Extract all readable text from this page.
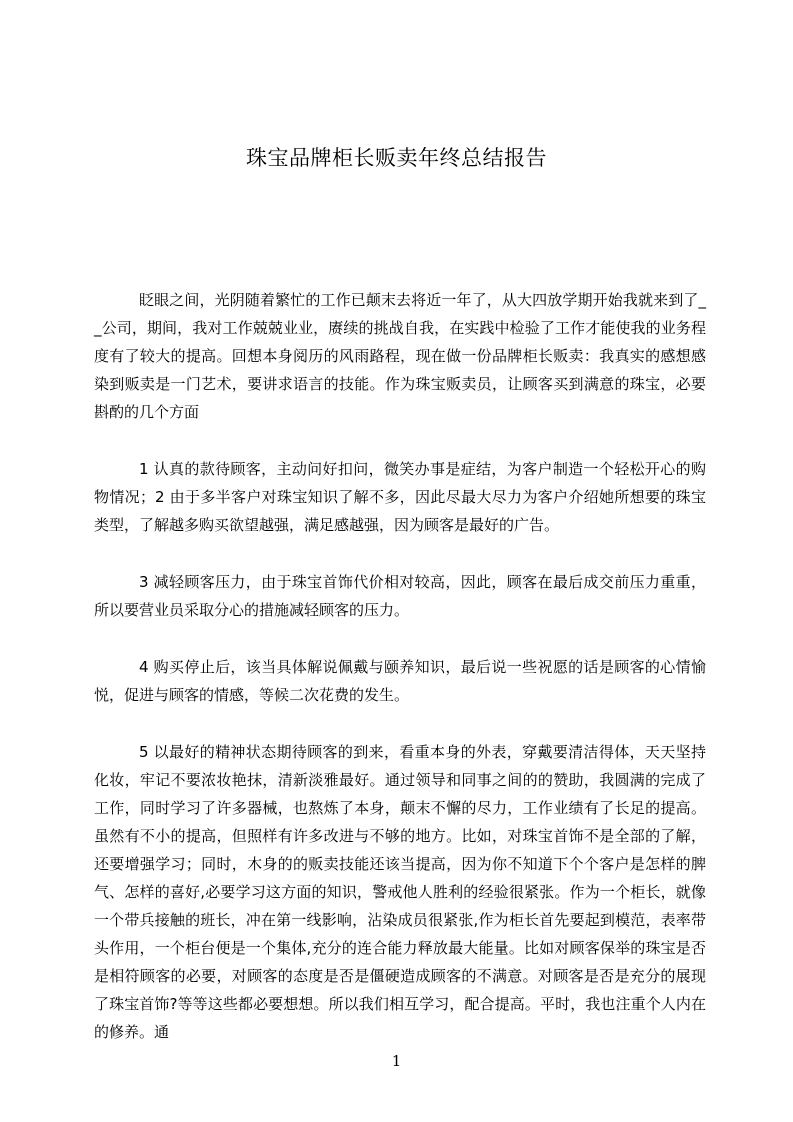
珠宝品牌柜长贩卖年终总结报告

眨眼之间，光阴随着繁忙的工作已颠末去将近一年了，从大四放学期开始我就来到了__公司，期间，我对工作兢兢业业，赓续的挑战自我，在实践中检验了工作才能使我的业务程度有了较大的提高。回想本身阅历的风雨路程，现在做一份品牌柜长贩卖：我真实的感想感染到贩卖是一门艺术，要讲求语言的技能。作为珠宝贩卖员，让顾客买到满意的珠宝，必要斟酌的几个方面

1 认真的款待顾客，主动问好扣问，微笑办事是症结，为客户制造一个轻松开心的购物情况；2 由于多半客户对珠宝知识了解不多，因此尽最大尽力为客户介绍她所想要的珠宝类型，了解越多购买欲望越强，满足感越强，因为顾客是最好的广告。

3 减轻顾客压力，由于珠宝首饰代价相对较高，因此，顾客在最后成交前压力重重，所以要营业员采取分心的措施减轻顾客的压力。

4 购买停止后，该当具体解说佩戴与颐养知识，最后说一些祝愿的话是顾客的心情愉悦，促进与顾客的情感，等候二次花费的发生。

5 以最好的精神状态期待顾客的到来，看重本身的外表，穿戴要清洁得体，天天坚持化妆，牢记不要浓妆艳抹，清新淡雅最好。通过领导和同事之间的的赞助，我圆满的完成了工作，同时学习了许多器械，也熬炼了本身，颠末不懈的尽力，工作业绩有了长足的提高。虽然有不小的提高，但照样有许多改进与不够的地方。比如，对珠宝首饰不是全部的了解，还要增强学习；同时，木身的的贩卖技能还该当提高，因为你不知道下个个客户是怎样的脾气、怎样的喜好,必要学习这方面的知识，警戒他人胜利的经验很紧张。作为一个柜长，就像一个带兵接触的班长，冲在第一线影响，沾染成员很紧张,作为柜长首先要起到模范，表率带头作用，一个柜台便是一个集体,充分的连合能力释放最大能量。比如对顾客保举的珠宝是否是相符顾客的必要，对顾客的态度是否是僵硬造成顾客的不满意。对顾客是否是充分的展现了珠宝首饰?等等这些都必要想想。所以我们相互学习，配合提高。平时，我也注重个人内在的修养。通

1
